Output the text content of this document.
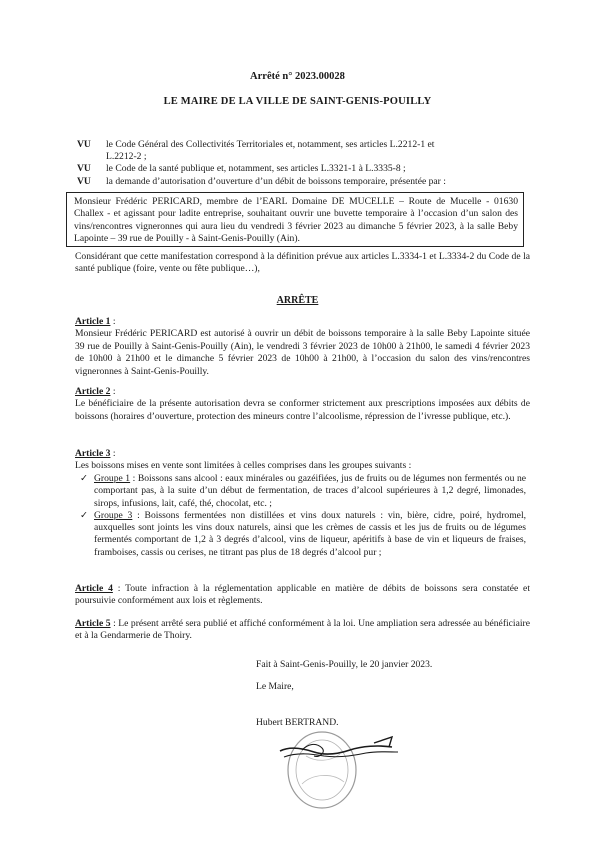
Arrêté n° 2023.00028
LE MAIRE DE LA VILLE DE SAINT-GENIS-POUILLY
VU le Code Général des Collectivités Territoriales et, notamment, ses articles L.2212-1 et
L.2212-2 ;
VU le Code de la santé publique et, notamment, ses articles L.3321-1 à L.3335-8 ;
VU la demande d’autorisation d’ouverture d’un débit de boissons temporaire, présentée par :
Monsieur Frédéric PERICARD, membre de l’EARL Domaine DE MUCELLE – Route de Mucelle - 01630 Challex - et agissant pour ladite entreprise, souhaitant ouvrir une buvette temporaire à l’occasion d’un salon des vins/rencontres vigneronnes qui aura lieu du vendredi 3 février 2023 au dimanche 5 février 2023, à la salle Beby Lapointe – 39 rue de Pouilly - à Saint-Genis-Pouilly (Ain).
Considérant que cette manifestation correspond à la définition prévue aux articles L.3334-1 et L.3334-2 du Code de la santé publique (foire, vente ou fête publique…),
ARRÊTE
Article 1 :
Monsieur Frédéric PERICARD est autorisé à ouvrir un débit de boissons temporaire à la salle Beby Lapointe située 39 rue de Pouilly à Saint-Genis-Pouilly (Ain), le vendredi 3 février 2023 de 10h00 à 21h00, le samedi 4 février 2023 de 10h00 à 21h00 et le dimanche 5 février 2023 de 10h00 à 21h00, à l’occasion du salon des vins/rencontres vigneronnes à Saint-Genis-Pouilly.
Article 2 :
Le bénéficiaire de la présente autorisation devra se conformer strictement aux prescriptions imposées aux débits de boissons (horaires d’ouverture, protection des mineurs contre l’alcoolisme, répression de l’ivresse publique, etc.).
Article 3 :
Les boissons mises en vente sont limitées à celles comprises dans les groupes suivants :
✓ Groupe 1 : Boissons sans alcool : eaux minérales ou gazéifiées, jus de fruits ou de légumes non fermentés ou ne comportant pas, à la suite d’un début de fermentation, de traces d’alcool supérieures à 1,2 degré, limonades, sirops, infusions, lait, café, thé, chocolat, etc. ;
✓ Groupe 3 : Boissons fermentées non distillées et vins doux naturels : vin, bière, cidre, poiré, hydromel, auxquelles sont joints les vins doux naturels, ainsi que les crèmes de cassis et les jus de fruits ou de légumes fermentés comportant de 1,2 à 3 degrés d’alcool, vins de liqueur, apéritifs à base de vin et liqueurs de fraises, framboises, cassis ou cerises, ne titrant pas plus de 18 degrés d’alcool pur ;
Article 4 : Toute infraction à la réglementation applicable en matière de débits de boissons sera constatée et poursuivie conformément aux lois et règlements.
Article 5 : Le présent arrêté sera publié et affiché conformément à la loi. Une ampliation sera adressée au bénéficiaire et à la Gendarmerie de Thoiry.
Fait à Saint-Genis-Pouilly, le 20 janvier 2023.
Le Maire,
Hubert BERTRAND.
